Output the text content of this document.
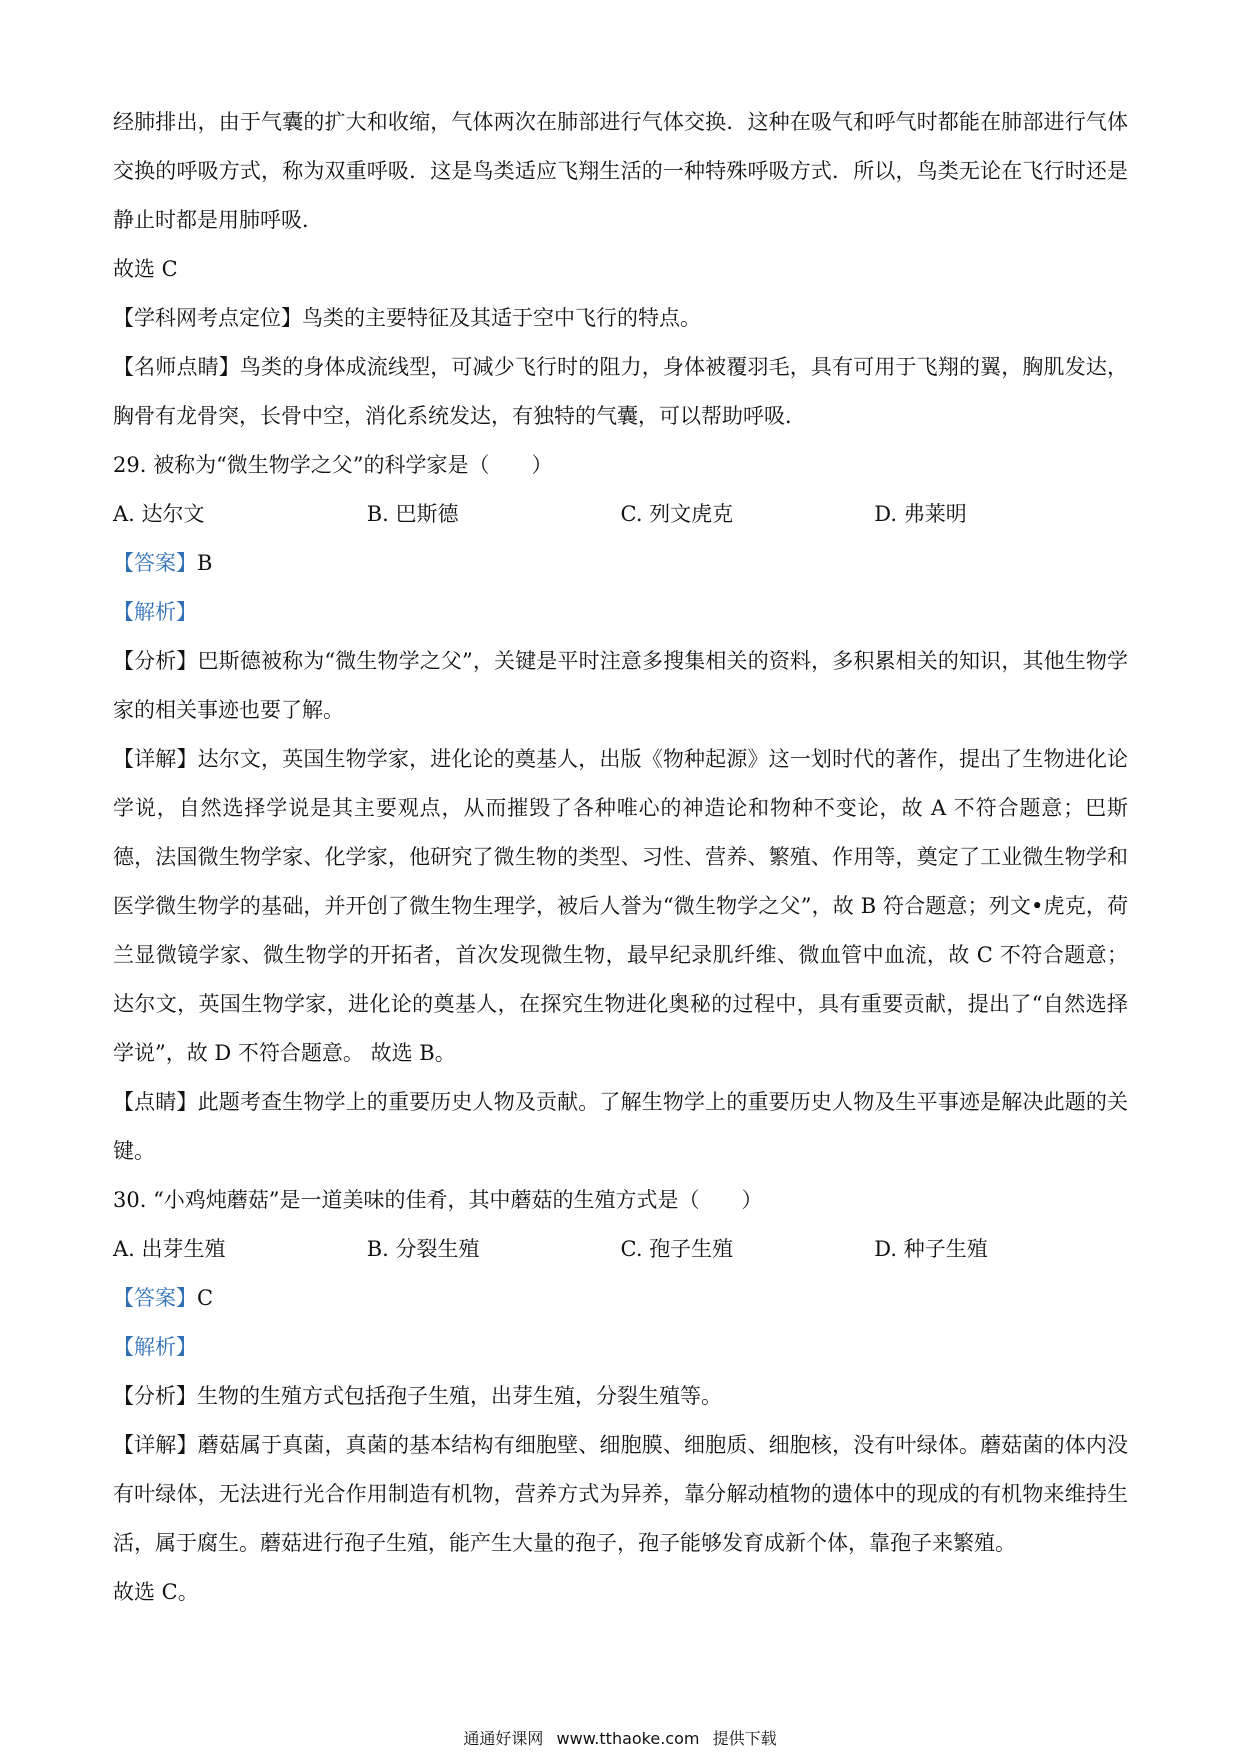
经肺排出，由于气囊的扩大和收缩，气体两次在肺部进行气体交换．这种在吸气和呼气时都能在肺部进行气体交换的呼吸方式，称为双重呼吸．这是鸟类适应飞翔生活的一种特殊呼吸方式．所以，鸟类无论在飞行时还是静止时都是用肺呼吸．

故选 C

【学科网考点定位】鸟类的主要特征及其适于空中飞行的特点。

【名师点睛】鸟类的身体成流线型，可减少飞行时的阻力，身体被覆羽毛，具有可用于飞翔的翼，胸肌发达，胸骨有龙骨突，长骨中空，消化系统发达，有独特的气囊，可以帮助呼吸．

29. 被称为“微生物学之父”的科学家是（　　）

A. 达尔文	B. 巴斯德	C. 列文虎克	D. 弗莱明

【答案】B

【解析】

【分析】巴斯德被称为“微生物学之父”，关键是平时注意多搜集相关的资料，多积累相关的知识，其他生物学家的相关事迹也要了解。

【详解】达尔文，英国生物学家，进化论的奠基人，出版《物种起源》这一划时代的著作，提出了生物进化论学说，自然选择学说是其主要观点，从而摧毁了各种唯心的神造论和物种不变论，故 A 不符合题意；巴斯德，法国微生物学家、化学家，他研究了微生物的类型、习性、营养、繁殖、作用等，奠定了工业微生物学和医学微生物学的基础，并开创了微生物生理学，被后人誉为“微生物学之父”，故 B 符合题意；列文•虎克，荷兰显微镜学家、微生物学的开拓者，首次发现微生物，最早纪录肌纤维、微血管中血流，故 C 不符合题意；达尔文，英国生物学家，进化论的奠基人，在探究生物进化奥秘的过程中，具有重要贡献，提出了“自然选择学说”，故 D 不符合题意。 故选 B。

【点睛】此题考查生物学上的重要历史人物及贡献。了解生物学上的重要历史人物及生平事迹是解决此题的关键。

30. “小鸡炖蘑菇”是一道美味的佳肴，其中蘑菇的生殖方式是（　　）

A. 出芽生殖	B. 分裂生殖	C. 孢子生殖	D. 种子生殖

【答案】C

【解析】

【分析】生物的生殖方式包括孢子生殖，出芽生殖，分裂生殖等。

【详解】蘑菇属于真菌，真菌的基本结构有细胞壁、细胞膜、细胞质、细胞核，没有叶绿体。蘑菇菌的体内没有叶绿体，无法进行光合作用制造有机物，营养方式为异养，靠分解动植物的遗体中的现成的有机物来维持生活，属于腐生。蘑菇进行孢子生殖，能产生大量的孢子，孢子能够发育成新个体，靠孢子来繁殖。

故选 C。

通通好课网 www.tthaoke.com 提供下载
